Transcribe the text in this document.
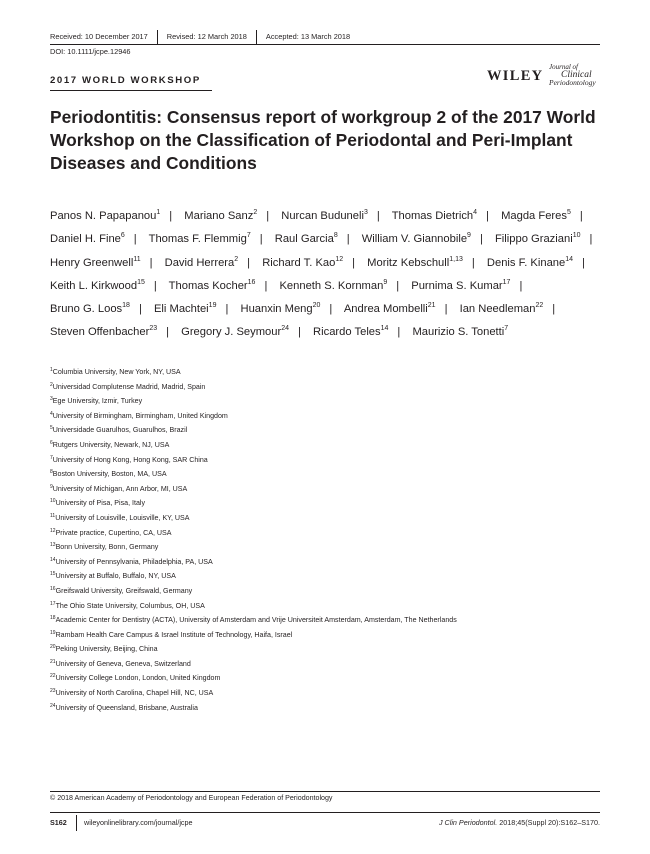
Received: 10 December 2017	Revised: 12 March 2018	Accepted: 13 March 2018
DOI: 10.1111/jcpe.12946
2017 WORLD WORKSHOP	WILEY
Journal of
Clinical
Periodontology
Periodontitis: Consensus report of workgroup 2 of the 2017 World Workshop on the Classification of Periodontal and Peri-Implant Diseases and Conditions
Panos N. Papapanou$^1$ | Mariano Sanz$^2$ | Nurcan Buduneli$^3$ | Thomas Dietrich$^4$ | Magda Feres$^5$ | Daniel H. Fine$^6$ | Thomas F. Flemmig$^7$ | Raul Garcia$^8$ | William V. Giannobile$^9$ | Filippo Graziani$^{10}$ | Henry Greenwell$^{11}$ | David Herrera$^2$ | Richard T. Kao$^{12}$ | Moritz Kebschull$^{1,13}$ | Denis F. Kinane$^{14}$ | Keith L. Kirkwood$^{15}$ | Thomas Kocher$^{16}$ | Kenneth S. Kornman$^9$ | Purnima S. Kumar$^{17}$ | Bruno G. Loos$^{18}$ | Eli Machtei$^{19}$ | Huanxin Meng$^{20}$ | Andrea Mombelli$^{21}$ | Ian Needleman$^{22}$ | Steven Offenbacher$^{23}$ | Gregory J. Seymour$^{24}$ | Ricardo Teles$^{14}$ | Maurizio S. Tonetti$^7$
$^1$Columbia University, New York, NY, USA
$^2$Universidad Complutense Madrid, Madrid, Spain
$^3$Ege University, Izmir, Turkey
$^4$University of Birmingham, Birmingham, United Kingdom
$^5$Universidade Guarulhos, Guarulhos, Brazil
$^6$Rutgers University, Newark, NJ, USA
$^7$University of Hong Kong, Hong Kong, SAR China
$^8$Boston University, Boston, MA, USA
$^9$University of Michigan, Ann Arbor, MI, USA
$^{10}$University of Pisa, Pisa, Italy
$^{11}$University of Louisville, Louisville, KY, USA
$^{12}$Private practice, Cupertino, CA, USA
$^{13}$Bonn University, Bonn, Germany
$^{14}$University of Pennsylvania, Philadelphia, PA, USA
$^{15}$University at Buffalo, Buffalo, NY, USA
$^{16}$Greifswald University, Greifswald, Germany
$^{17}$The Ohio State University, Columbus, OH, USA
$^{18}$Academic Center for Dentistry (ACTA), University of Amsterdam and Vrije Universiteit Amsterdam, Amsterdam, The Netherlands
$^{19}$Rambam Health Care Campus & Israel Institute of Technology, Haifa, Israel
$^{20}$Peking University, Beijing, China
$^{21}$University of Geneva, Geneva, Switzerland
$^{22}$University College London, London, United Kingdom
$^{23}$University of North Carolina, Chapel Hill, NC, USA
$^{24}$University of Queensland, Brisbane, Australia
© 2018 American Academy of Periodontology and European Federation of Periodontology
S162 wileyonlinelibrary.com/journal/jcpe	J Clin Periodontol. 2018;45(Suppl 20):S162–S170.
